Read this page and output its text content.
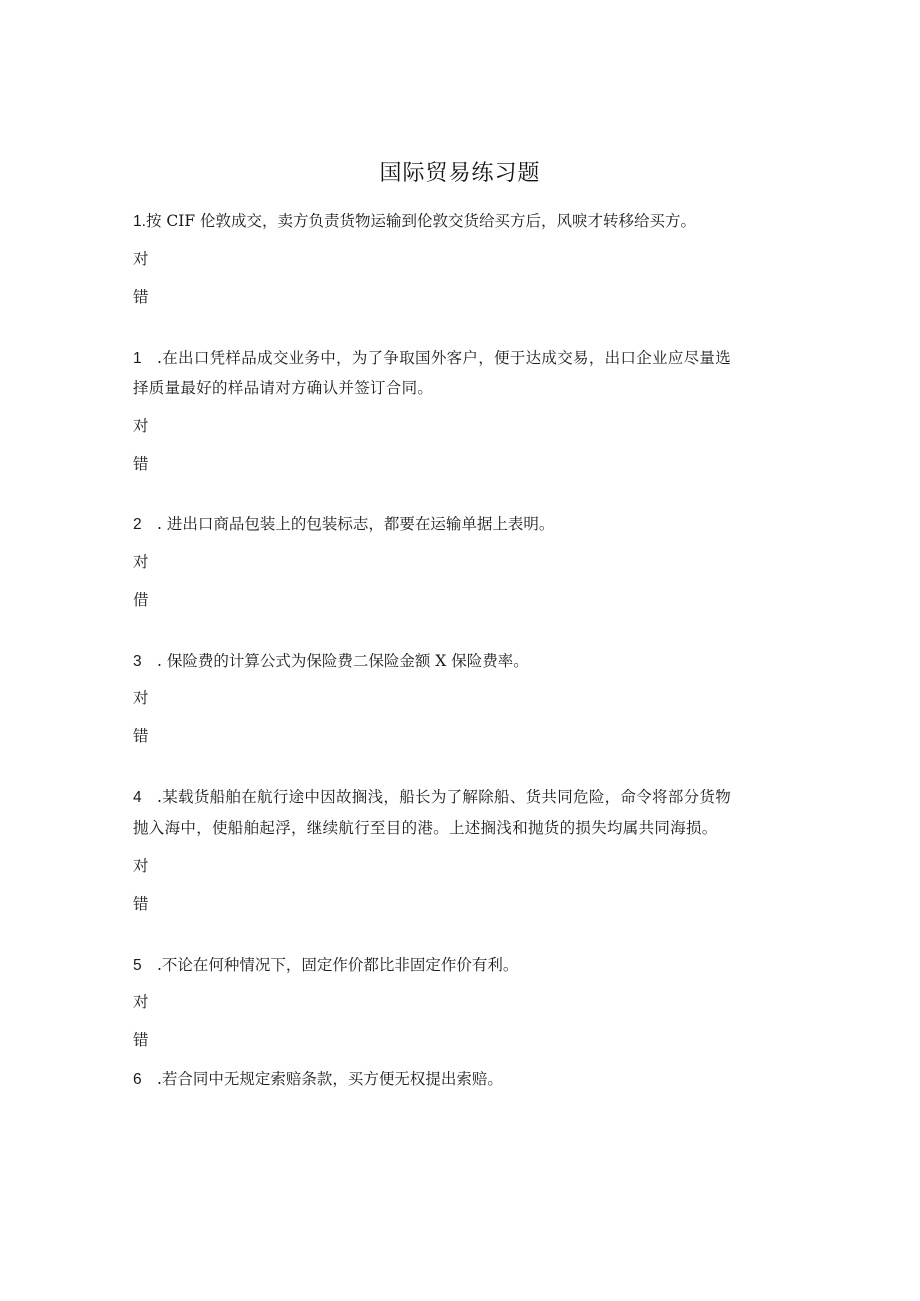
国际贸易练习题
1.按 CIF 伦敦成交，卖方负责货物运输到伦敦交货给买方后，风唳才转移给买方。
对
错
1 .在出口凭样品成交业务中，为了争取国外客户，便于达成交易，出口企业应尽量选
择质量最好的样品请对方确认并签订合同。
对
错
2 . 进出口商品包装上的包装标志，都要在运输单据上表明。
对
借
3 . 保险费的计算公式为保险费二保险金额 X 保险费率。
对
错
4 .某载货船舶在航行途中因故搁浅，船长为了解除船、货共同危险，命令将部分货物
抛入海中，使船舶起浮，继续航行至目的港。上述搁浅和抛货的损失均属共同海损。
对
错
5 .不论在何种情况下，固定作价都比非固定作价有利。
对
错
6 .若合同中无规定索赔条款，买方便无权提出索赔。
